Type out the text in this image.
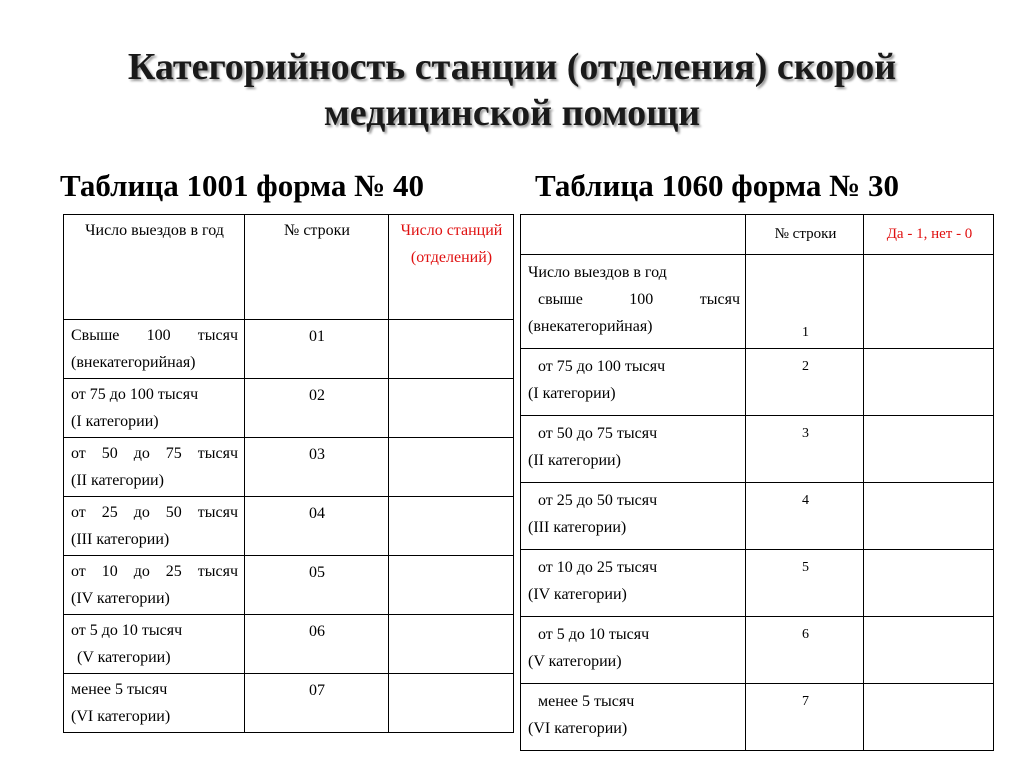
Категорийность станции (отделения) скорой
медицинской помощи
Таблица 1001 форма № 40	Таблица 1060 форма № 30
Число выездов в год	№ строки	Число станций (отделений)

Свыше 100 тысяч
(внекатегорийная)	01	

от 75 до 100 тысяч
(I категории)	02	

от 50 до 75 тысяч
(II категории)	03	

от 25 до 50 тысяч
(III категории)	04	

от 10 до 25 тысяч
(IV категории)	05	

от 5 до 10 тысяч
(V категории)	06	

менее 5 тысяч
(VI категории)	07	
	№ строки	Да - 1, нет - 0

Число выездов в год
свыше 100 тысяч
(внекатегорийная)	1	

от 75 до 100 тысяч
(I категории)	2	

от 50 до 75 тысяч
(II категории)	3	

от 25 до 50 тысяч
(III категории)	4	

от 10 до 25 тысяч
(IV категории)	5	

от 5 до 10 тысяч
(V категории)	6	

менее 5 тысяч
(VI категории)	7	
